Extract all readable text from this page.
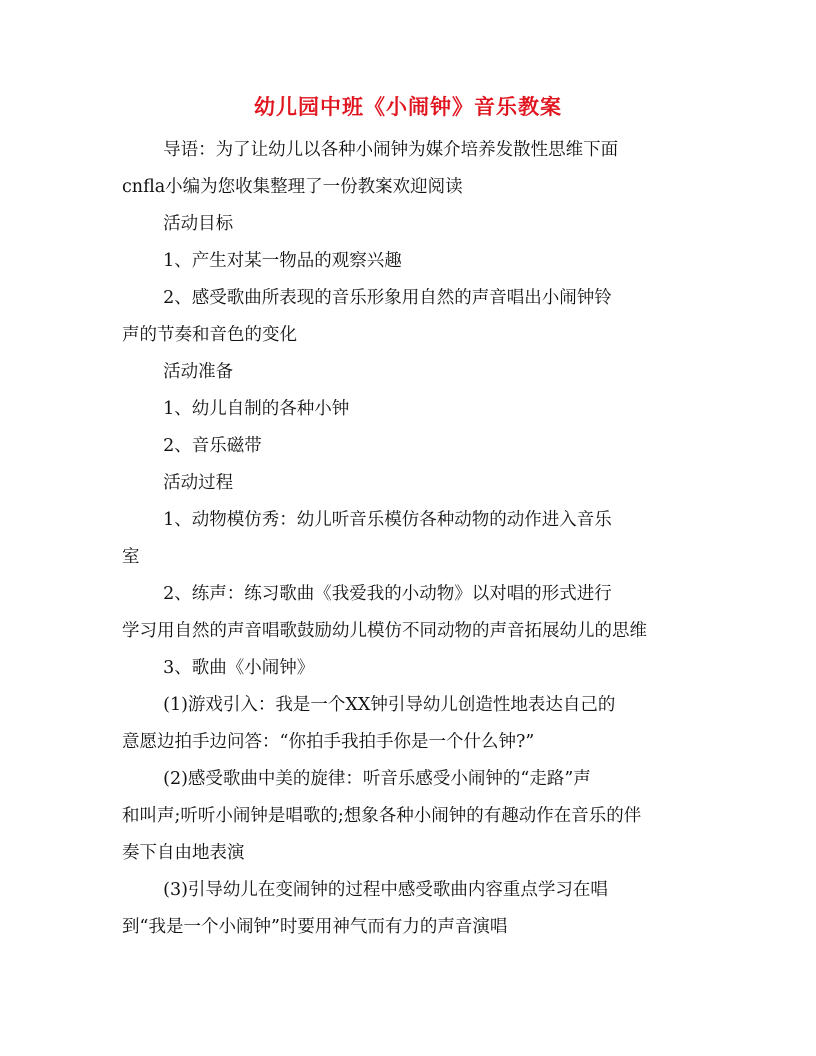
幼儿园中班《小闹钟》音乐教案

导语：为了让幼儿以各种小闹钟为媒介培养发散性思维下面

cnfla小编为您收集整理了一份教案欢迎阅读

活动目标

1、产生对某一物品的观察兴趣

2、感受歌曲所表现的音乐形象用自然的声音唱出小闹钟铃

声的节奏和音色的变化

活动准备

1、幼儿自制的各种小钟

2、音乐磁带

活动过程

1、动物模仿秀：幼儿听音乐模仿各种动物的动作进入音乐

室

2、练声：练习歌曲《我爱我的小动物》以对唱的形式进行

学习用自然的声音唱歌鼓励幼儿模仿不同动物的声音拓展幼儿的思维

3、歌曲《小闹钟》

(1)游戏引入：我是一个XX钟引导幼儿创造性地表达自己的

意愿边拍手边问答：“你拍手我拍手你是一个什么钟?”

(2)感受歌曲中美的旋律：听音乐感受小闹钟的“走路”声

和叫声;听听小闹钟是唱歌的;想象各种小闹钟的有趣动作在音乐的伴

奏下自由地表演

(3)引导幼儿在变闹钟的过程中感受歌曲内容重点学习在唱

到“我是一个小闹钟”时要用神气而有力的声音演唱
